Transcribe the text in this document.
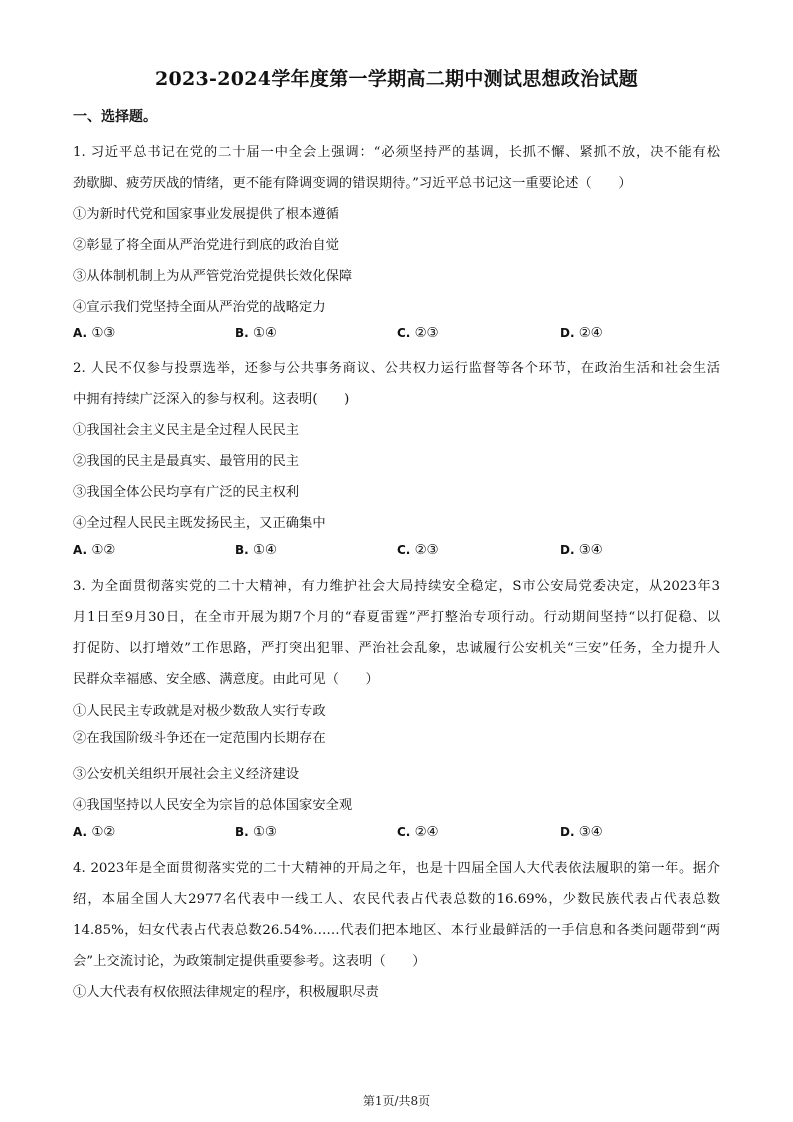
2023-2024学年度第一学期高二期中测试思想政治试题
一、选择题。
1. 习近平总书记在党的二十届一中全会上强调：“必须坚持严的基调，长抓不懈、紧抓不放，决不能有松
劲歇脚、疲劳厌战的情绪，更不能有降调变调的错误期待。”习近平总书记这一重要论述（　　）
①为新时代党和国家事业发展提供了根本遵循
②彰显了将全面从严治党进行到底的政治自觉
③从体制机制上为从严管党治党提供长效化保障
④宣示我们党坚持全面从严治党的战略定力
A. ①③	B. ①④	C. ②③	D. ②④
2. 人民不仅参与投票选举，还参与公共事务商议、公共权力运行监督等各个环节，在政治生活和社会生活
中拥有持续广泛深入的参与权利。这表明(　　)
①我国社会主义民主是全过程人民民主
②我国的民主是最真实、最管用的民主
③我国全体公民均享有广泛的民主权利
④全过程人民民主既发扬民主，又正确集中
A. ①②	B. ①④	C. ②③	D. ③④
3. 为全面贯彻落实党的二十大精神，有力维护社会大局持续安全稳定，S市公安局党委决定，从2023年3
月1日至9月30日，在全市开展为期7个月的“春夏雷霆”严打整治专项行动。行动期间坚持“以打促稳、以
打促防、以打增效”工作思路，严打突出犯罪、严治社会乱象，忠诚履行公安机关“三安”任务，全力提升人
民群众幸福感、安全感、满意度。由此可见（　　）
①人民民主专政就是对极少数敌人实行专政
②在我国阶级斗争还在一定范围内长期存在
③公安机关组织开展社会主义经济建设
④我国坚持以人民安全为宗旨的总体国家安全观
A. ①②	B. ①③	C. ②④	D. ③④
4. 2023年是全面贯彻落实党的二十大精神的开局之年，也是十四届全国人大代表依法履职的第一年。据介
绍，本届全国人大2977名代表中一线工人、农民代表占代表总数的16.69%，少数民族代表占代表总数
14.85%，妇女代表占代表总数26.54%……代表们把本地区、本行业最鲜活的一手信息和各类问题带到“两
会”上交流讨论，为政策制定提供重要参考。这表明（　　）
①人大代表有权依照法律规定的程序，积极履职尽责
第1页/共8页
